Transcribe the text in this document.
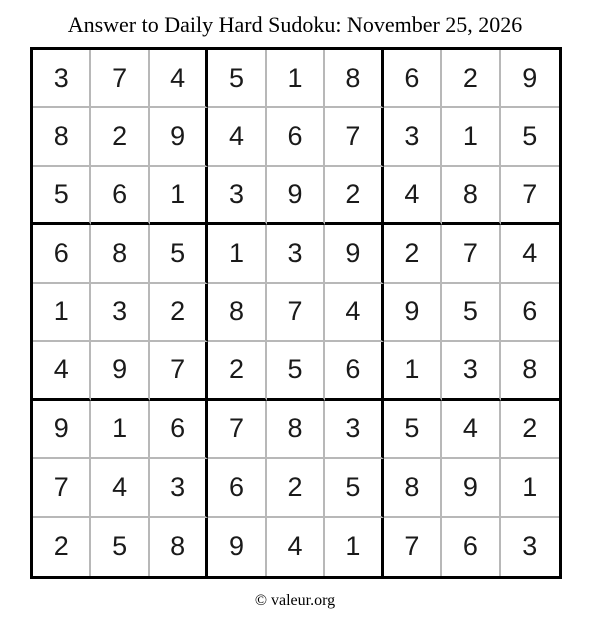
Answer to Daily Hard Sudoku: November 25, 2026
3	7	4	5	1	8	6	2	9
8	2	9	4	6	7	3	1	5
5	6	1	3	9	2	4	8	7
6	8	5	1	3	9	2	7	4
1	3	2	8	7	4	9	5	6
4	9	7	2	5	6	1	3	8
9	1	6	7	8	3	5	4	2
7	4	3	6	2	5	8	9	1
2	5	8	9	4	1	7	6	3
© valeur.org
